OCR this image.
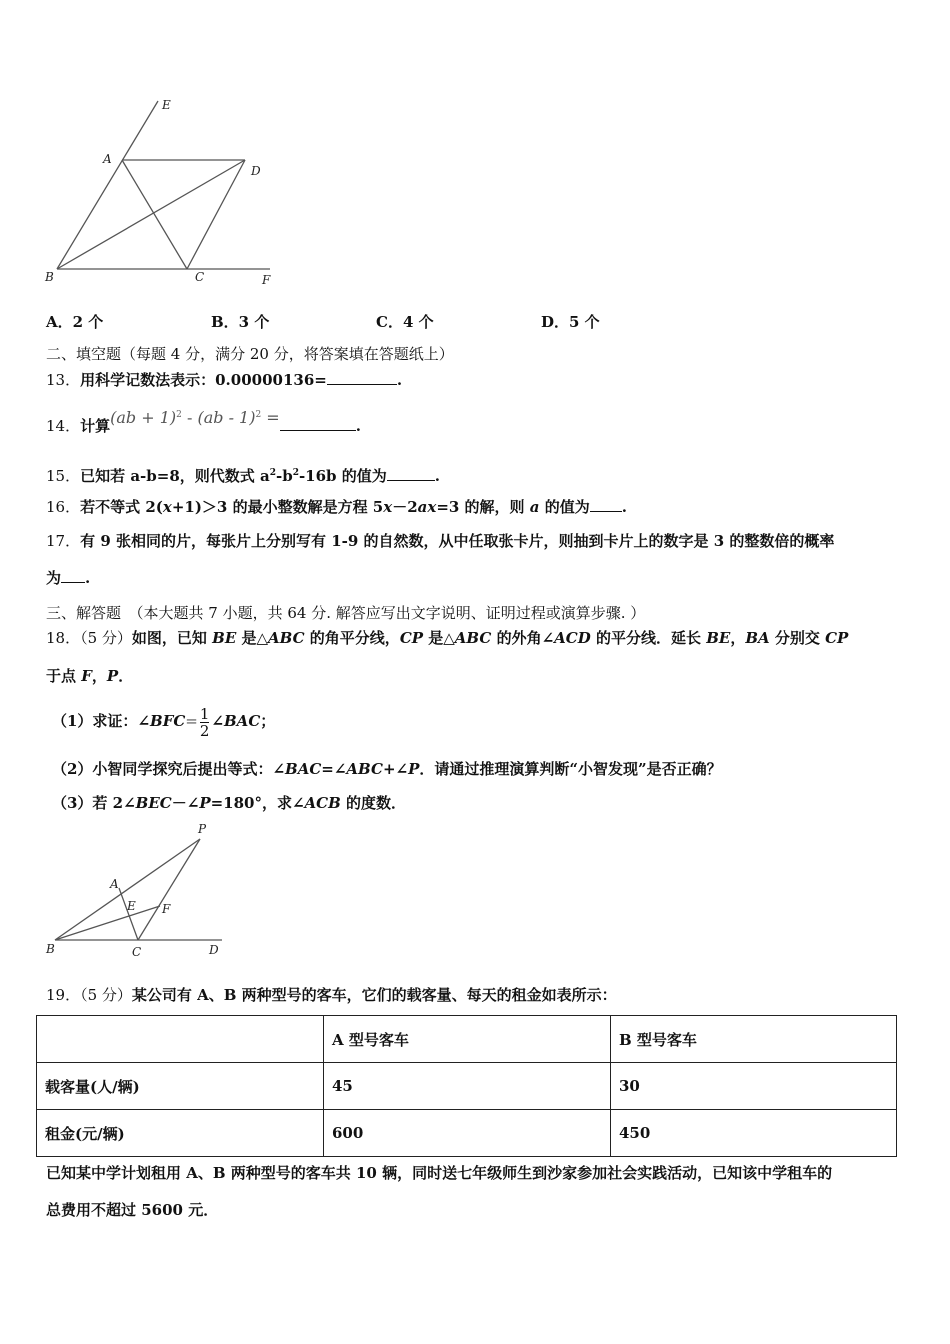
E
A
D
B	C	F
A．2 个	B．3 个	C．4 个	D．5 个
二、填空题（每题 4 分，满分 20 分，将答案填在答题纸上）
13．用科学记数法表示：0.00000136=	.
14．计算(ab + 1)$^2$ - (ab - 1)$^2$ =	.
15．已知若 a-b=8，则代数式 $a^2-b^2-16b$ 的值为	.
16．若不等式 2(x+1)＞3 的最小整数解是方程 5x－2ax=3 的解，则 a 的值为 .
17．有 9 张相同的片，每张片上分别写有 1-9 的自然数，从中任取张卡片，则抽到卡片上的数字是 3 的整数倍的概率
为 .
三、解答题　（本大题共 7 小题，共 64 分. 解答应写出文字说明、证明过程或演算步骤. ）
18．（5 分）如图，已知 BE 是△ABC 的角平分线，CP 是△ABC 的外角∠ACD 的平分线．延长 BE，BA 分别交 CP
于点 F，P．
（1）求证：∠BFC= $\frac{1}{2}$ ∠BAC；
（2）小智同学探究后提出等式：∠BAC=∠ABC+∠P．请通过推理演算判断“小智发现”是否正确？
（3）若 2∠BEC－∠P=180°，求∠ACB 的度数．
P
A
E F
B	C	D
19．（5 分）某公司有 A、B 两种型号的客车，它们的载客量、每天的租金如表所示：
	A 型号客车	B 型号客车
载客量(人/辆)	45	30
租金(元/辆)	600	450
已知某中学计划租用 A、B 两种型号的客车共 10 辆，同时送七年级师生到沙家参加社会实践活动，已知该中学租车的
总费用不超过 5600 元．
